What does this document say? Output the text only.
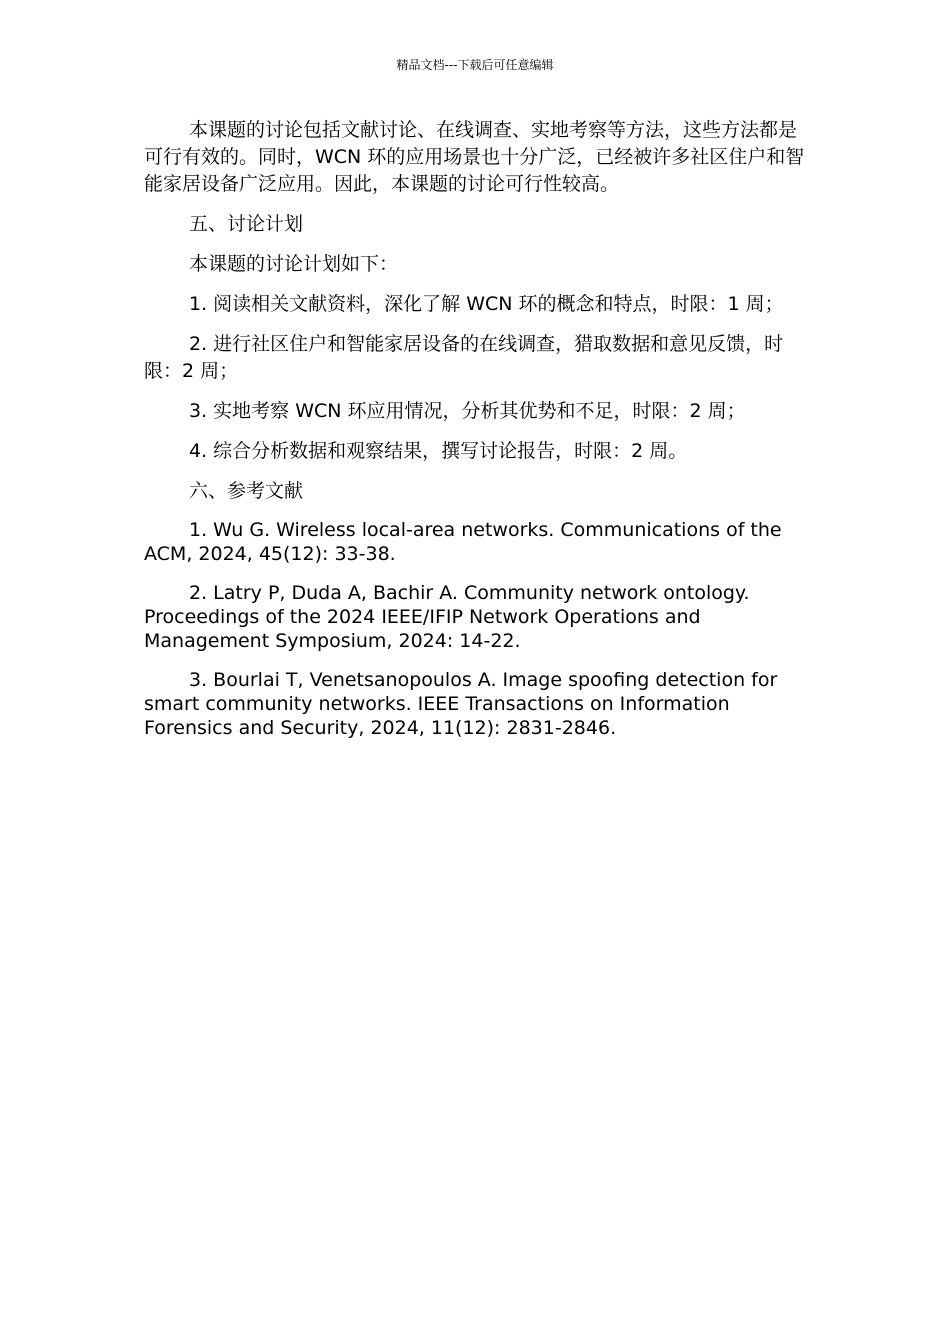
精品文档---下载后可任意编辑

本课题的讨论包括文献讨论、在线调查、实地考察等方法，这些方法都是可行有效的。同时，WCN 环的应用场景也十分广泛，已经被许多社区住户和智能家居设备广泛应用。因此，本课题的讨论可行性较高。

五、讨论计划

本课题的讨论计划如下：

1. 阅读相关文献资料，深化了解 WCN 环的概念和特点，时限：1 周；

2. 进行社区住户和智能家居设备的在线调查，猎取数据和意见反馈，时限：2 周；

3. 实地考察 WCN 环应用情况，分析其优势和不足，时限：2 周；

4. 综合分析数据和观察结果，撰写讨论报告，时限：2 周。

六、参考文献

1. Wu G. Wireless local-area networks. Communications of the ACM, 2024, 45(12): 33-38.

2. Latry P, Duda A, Bachir A. Community network ontology. Proceedings of the 2024 IEEE/IFIP Network Operations and Management Symposium, 2024: 14-22.

3. Bourlai T, Venetsanopoulos A. Image spoofing detection for smart community networks. IEEE Transactions on Information Forensics and Security, 2024, 11(12): 2831-2846.
